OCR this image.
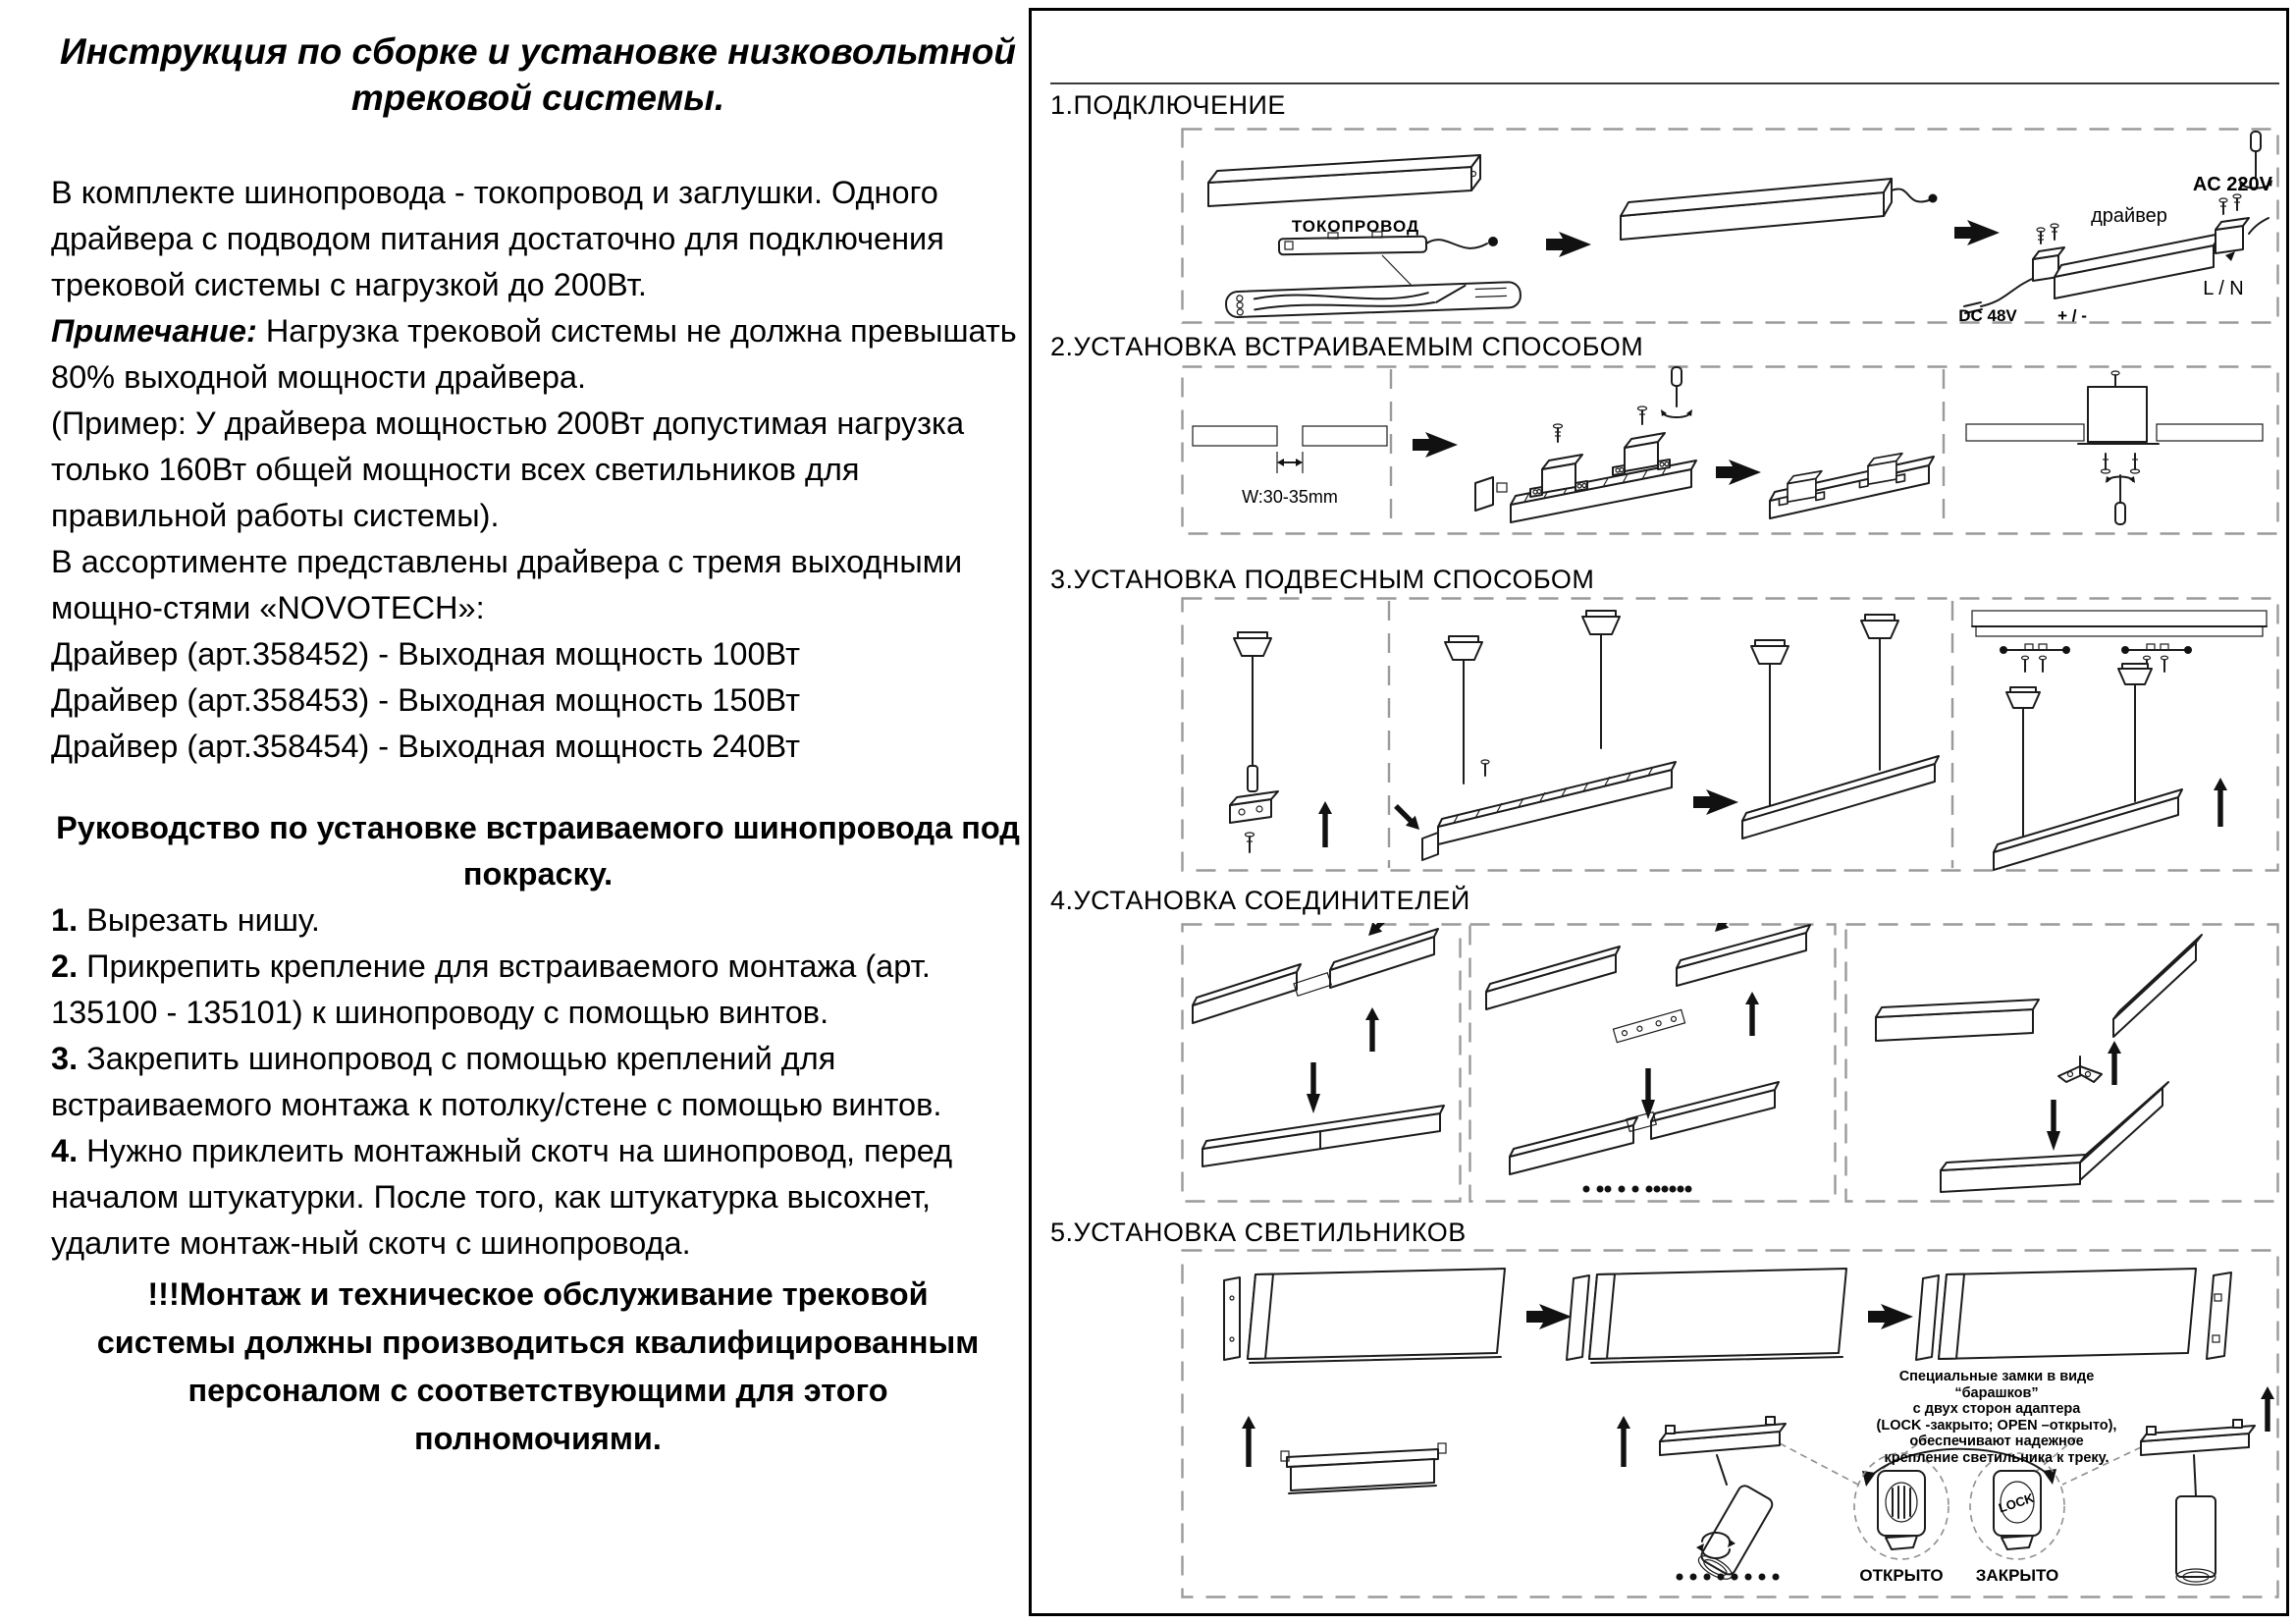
Инструкция по сборке и установке низковольтной трековой системы.

В комплекте шинопровода - токопровод и заглушки. Одного драйвера с подводом питания достаточно для подключения трековой системы с нагрузкой до 200Вт.

Примечание: Нагрузка трековой системы не должна превышать 80% выходной мощности драйвера.

(Пример: У драйвера мощностью 200Вт допустимая нагрузка только 160Вт общей мощности всех светильников для правильной работы системы).

В ассортименте представлены драйвера с тремя выходными мощно-стями «NOVOTECH»:

Драйвер (арт.358452) - Выходная мощность 100Вт

Драйвер (арт.358453) - Выходная мощность 150Вт

Драйвер (арт.358454) - Выходная мощность 240Вт

Руководство по установке встраиваемого шинопровода под покраску.

1. Вырезать нишу.

2. Прикрепить крепление для встраиваемого монтажа (арт. 135100 - 135101) к шинопроводу с помощью винтов.

3. Закрепить шинопровод с помощью креплений для встраиваемого монтажа к потолку/стене с помощью винтов.

4. Нужно приклеить монтажный скотч на шинопровод, перед началом штукатурки. После того, как штукатурка высохнет, удалите монтаж-ный скотч с шинопровода.

!!!Монтаж и техническое обслуживание трековой системы должны производиться квалифицированным персоналом с соответствующими для этого полномочиями.

1.ПОДКЛЮЧЕНИЕ
ТОКОПРОВОД	драйвер
AC 220V
L / N
DC 48V + / -
2.УСТАНОВКА ВСТРАИВАЕМЫМ СПОСОБОМ
W:30-35mm
3.УСТАНОВКА ПОДВЕСНЫМ СПОСОБОМ
4.УСТАНОВКА СОЕДИНИТЕЛЕЙ
5.УСТАНОВКА СВЕТИЛЬНИКОВ
LOCK
ОТКРЫТО ЗАКРЫТО
Специальные замки в виде “барашков”
с двух сторон адаптера
(LOCK -закрыто; OPEN –открыто),
обеспечивают надежное
крепление светильника к треку.
